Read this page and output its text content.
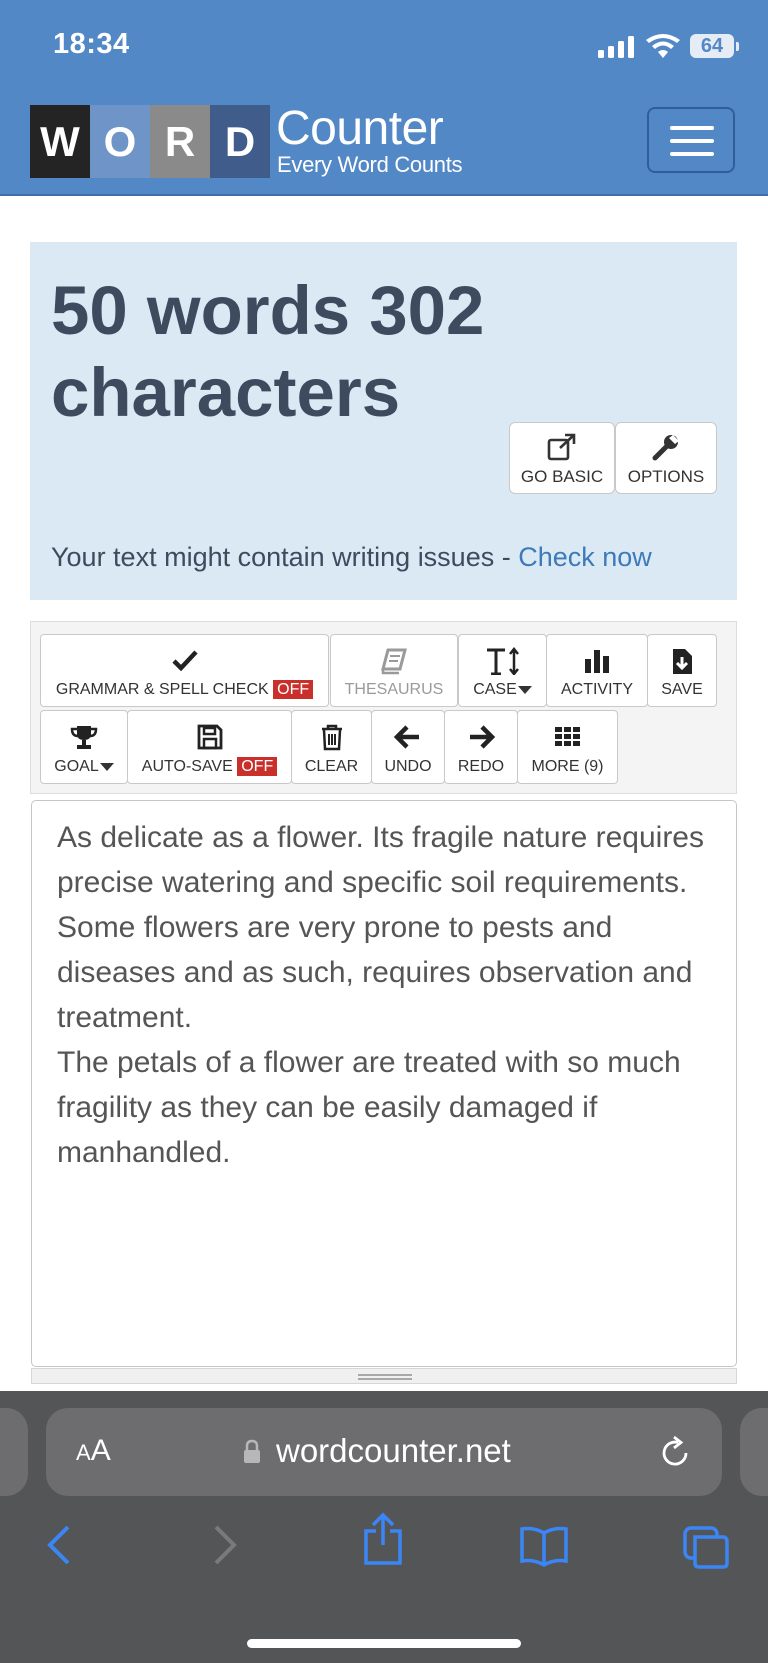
18:34	64
W O R D Counter
Every Word Counts
50 words 302 characters
GO BASIC	OPTIONS
Your text might contain writing issues - Check now
GRAMMAR & SPELL CHECK OFF	THESAURUS	CASE	ACTIVITY	SAVE
GOAL	AUTO-SAVE OFF	CLEAR	UNDO	REDO	MORE (9)
As delicate as a flower. Its fragile nature requires precise watering and specific soil requirements. Some flowers are very prone to pests and diseases and as such, requires observation and treatment.
The petals of a flower are treated with so much fragility as they can be easily damaged if manhandled.
AA	wordcounter.net
